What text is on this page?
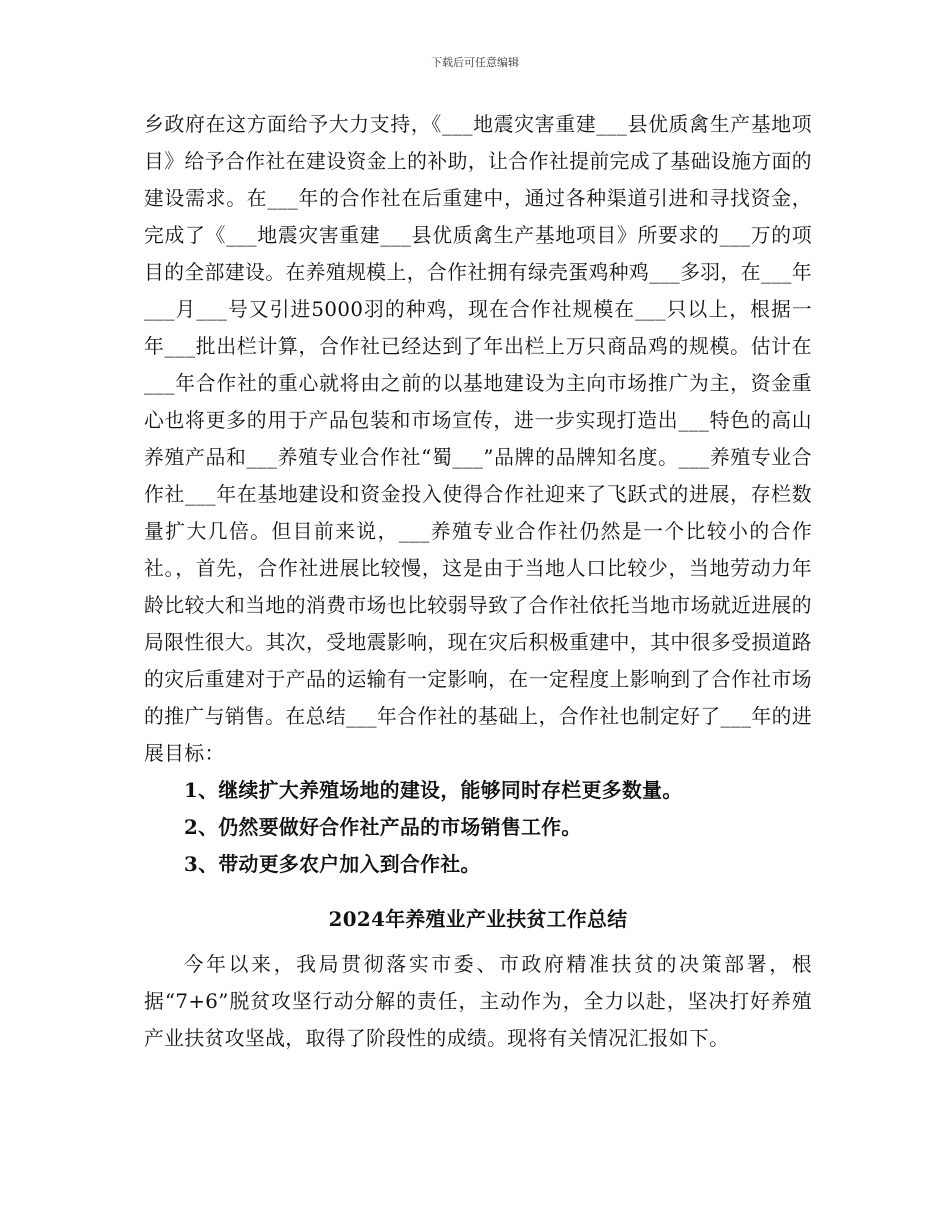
下载后可任意编辑

乡政府在这方面给予大力支持，《___地震灾害重建___县优质禽生产基地项目》给予合作社在建设资金上的补助，让合作社提前完成了基础设施方面的建设需求。在___年的合作社在后重建中，通过各种渠道引进和寻找资金，完成了《___地震灾害重建___县优质禽生产基地项目》所要求的___万的项目的全部建设。在养殖规模上，合作社拥有绿壳蛋鸡种鸡___多羽，在___年___月___号又引进5000羽的种鸡，现在合作社规模在___只以上，根据一年___批出栏计算，合作社已经达到了年出栏上万只商品鸡的规模。估计在___年合作社的重心就将由之前的以基地建设为主向市场推广为主，资金重心也将更多的用于产品包装和市场宣传，进一步实现打造出___特色的高山养殖产品和___养殖专业合作社“蜀___”品牌的品牌知名度。___养殖专业合作社___年在基地建设和资金投入使得合作社迎来了飞跃式的进展，存栏数量扩大几倍。但目前来说，___养殖专业合作社仍然是一个比较小的合作社。，首先，合作社进展比较慢，这是由于当地人口比较少，当地劳动力年龄比较大和当地的消费市场也比较弱导致了合作社依托当地市场就近进展的局限性很大。其次，受地震影响，现在灾后积极重建中，其中很多受损道路的灾后重建对于产品的运输有一定影响，在一定程度上影响到了合作社市场的推广与销售。在总结___年合作社的基础上，合作社也制定好了___年的进展目标：

1、继续扩大养殖场地的建设，能够同时存栏更多数量。
2、仍然要做好合作社产品的市场销售工作。
3、带动更多农户加入到合作社。
2024年养殖业产业扶贫工作总结

今年以来，我局贯彻落实市委、市政府精准扶贫的决策部署，根据“7+6”脱贫攻坚行动分解的责任，主动作为，全力以赴，坚决打好养殖产业扶贫攻坚战，取得了阶段性的成绩。现将有关情况汇报如下。
